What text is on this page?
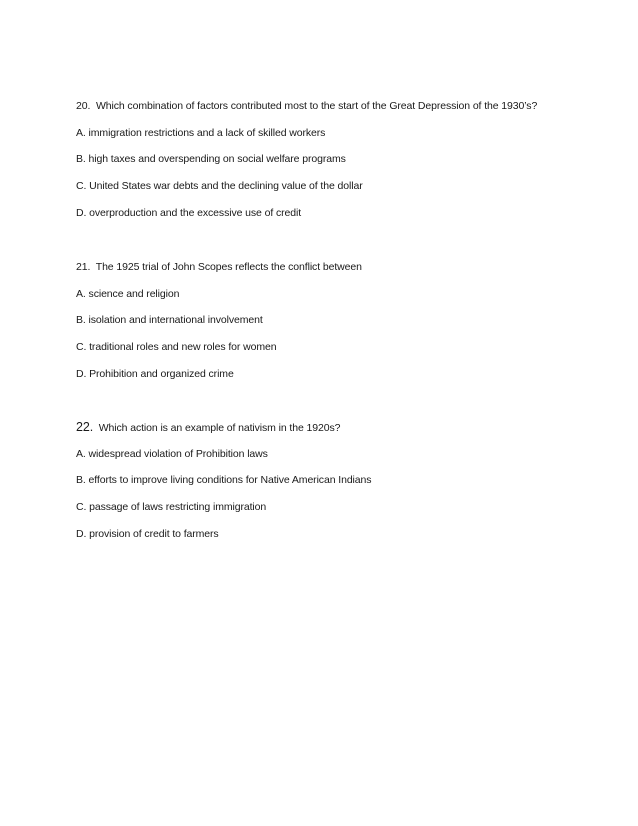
20. Which combination of factors contributed most to the start of the Great Depression of the 1930’s?
A. immigration restrictions and a lack of skilled workers
B. high taxes and overspending on social welfare programs
C. United States war debts and the declining value of the dollar
D. overproduction and the excessive use of credit
21. The 1925 trial of John Scopes reflects the conflict between
A. science and religion
B. isolation and international involvement
C. traditional roles and new roles for women
D. Prohibition and organized crime
22. Which action is an example of nativism in the 1920s?
A. widespread violation of Prohibition laws
B. efforts to improve living conditions for Native American Indians
C. passage of laws restricting immigration
D. provision of credit to farmers
